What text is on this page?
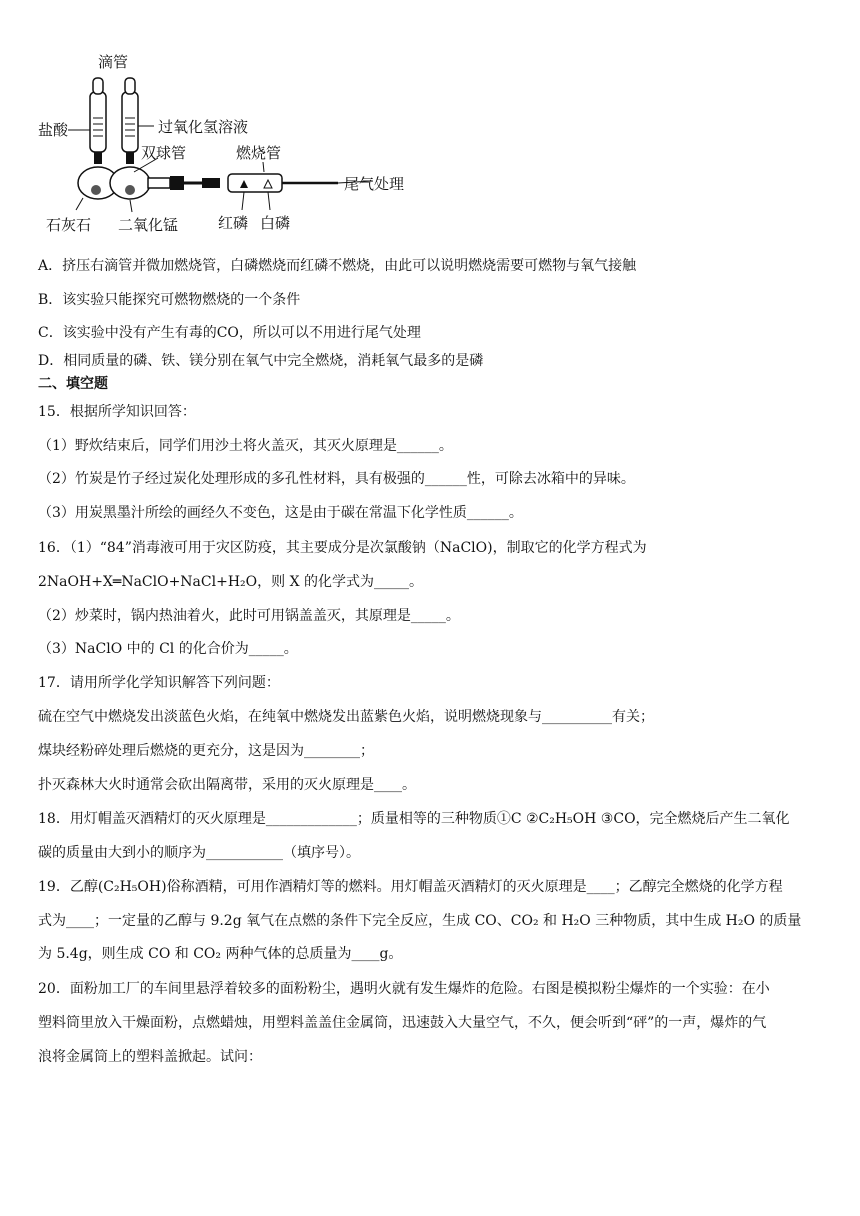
滴管
盐酸	过氧化氢溶液
双球管	燃烧管
尾气处理
石灰石 二氧化锰	红磷 白磷
A．挤压右滴管并微加燃烧管，白磷燃烧而红磷不燃烧，由此可以说明燃烧需要可燃物与氧气接触
B．该实验只能探究可燃物燃烧的一个条件
C．该实验中没有产生有毒的CO，所以可以不用进行尾气处理
D．相同质量的磷、铁、镁分别在氧气中完全燃烧，消耗氧气最多的是磷
二、填空题
15．根据所学知识回答：
（1）野炊结束后，同学们用沙土将火盖灭，其灭火原理是______。
（2）竹炭是竹子经过炭化处理形成的多孔性材料，具有极强的______性，可除去冰箱中的异味。
（3）用炭黑墨汁所绘的画经久不变色，这是由于碳在常温下化学性质______。
16．（1）“84”消毒液可用于灾区防疫，其主要成分是次氯酸钠（NaClO)，制取它的化学方程式为
2NaOH+X═NaClO+NaCl+H₂O，则 X 的化学式为_____。
（2）炒菜时，锅内热油着火，此时可用锅盖盖灭，其原理是_____。
（3）NaClO 中的 Cl 的化合价为_____。
17．请用所学化学知识解答下列问题：
硫在空气中燃烧发出淡蓝色火焰，在纯氧中燃烧发出蓝紫色火焰，说明燃烧现象与__________有关；
煤块经粉碎处理后燃烧的更充分，这是因为________；
扑灭森林大火时通常会砍出隔离带，采用的灭火原理是____。
18．用灯帽盖灭酒精灯的灭火原理是_____________；质量相等的三种物质①C ②C₂H₅OH ③CO，完全燃烧后产生二氧化
碳的质量由大到小的顺序为___________（填序号）。
19．乙醇(C₂H₅OH)俗称酒精，可用作酒精灯等的燃料。用灯帽盖灭酒精灯的灭火原理是____；乙醇完全燃烧的化学方程
式为____；一定量的乙醇与 9.2g 氧气在点燃的条件下完全反应，生成 CO、CO₂ 和 H₂O 三种物质，其中生成 H₂O 的质量
为 5.4g，则生成 CO 和 CO₂ 两种气体的总质量为____g。
20．面粉加工厂的车间里悬浮着较多的面粉粉尘，遇明火就有发生爆炸的危险。右图是模拟粉尘爆炸的一个实验：在小
塑料筒里放入干燥面粉，点燃蜡烛，用塑料盖盖住金属筒，迅速鼓入大量空气，不久，便会听到“砰”的一声，爆炸的气
浪将金属筒上的塑料盖掀起。试问：
